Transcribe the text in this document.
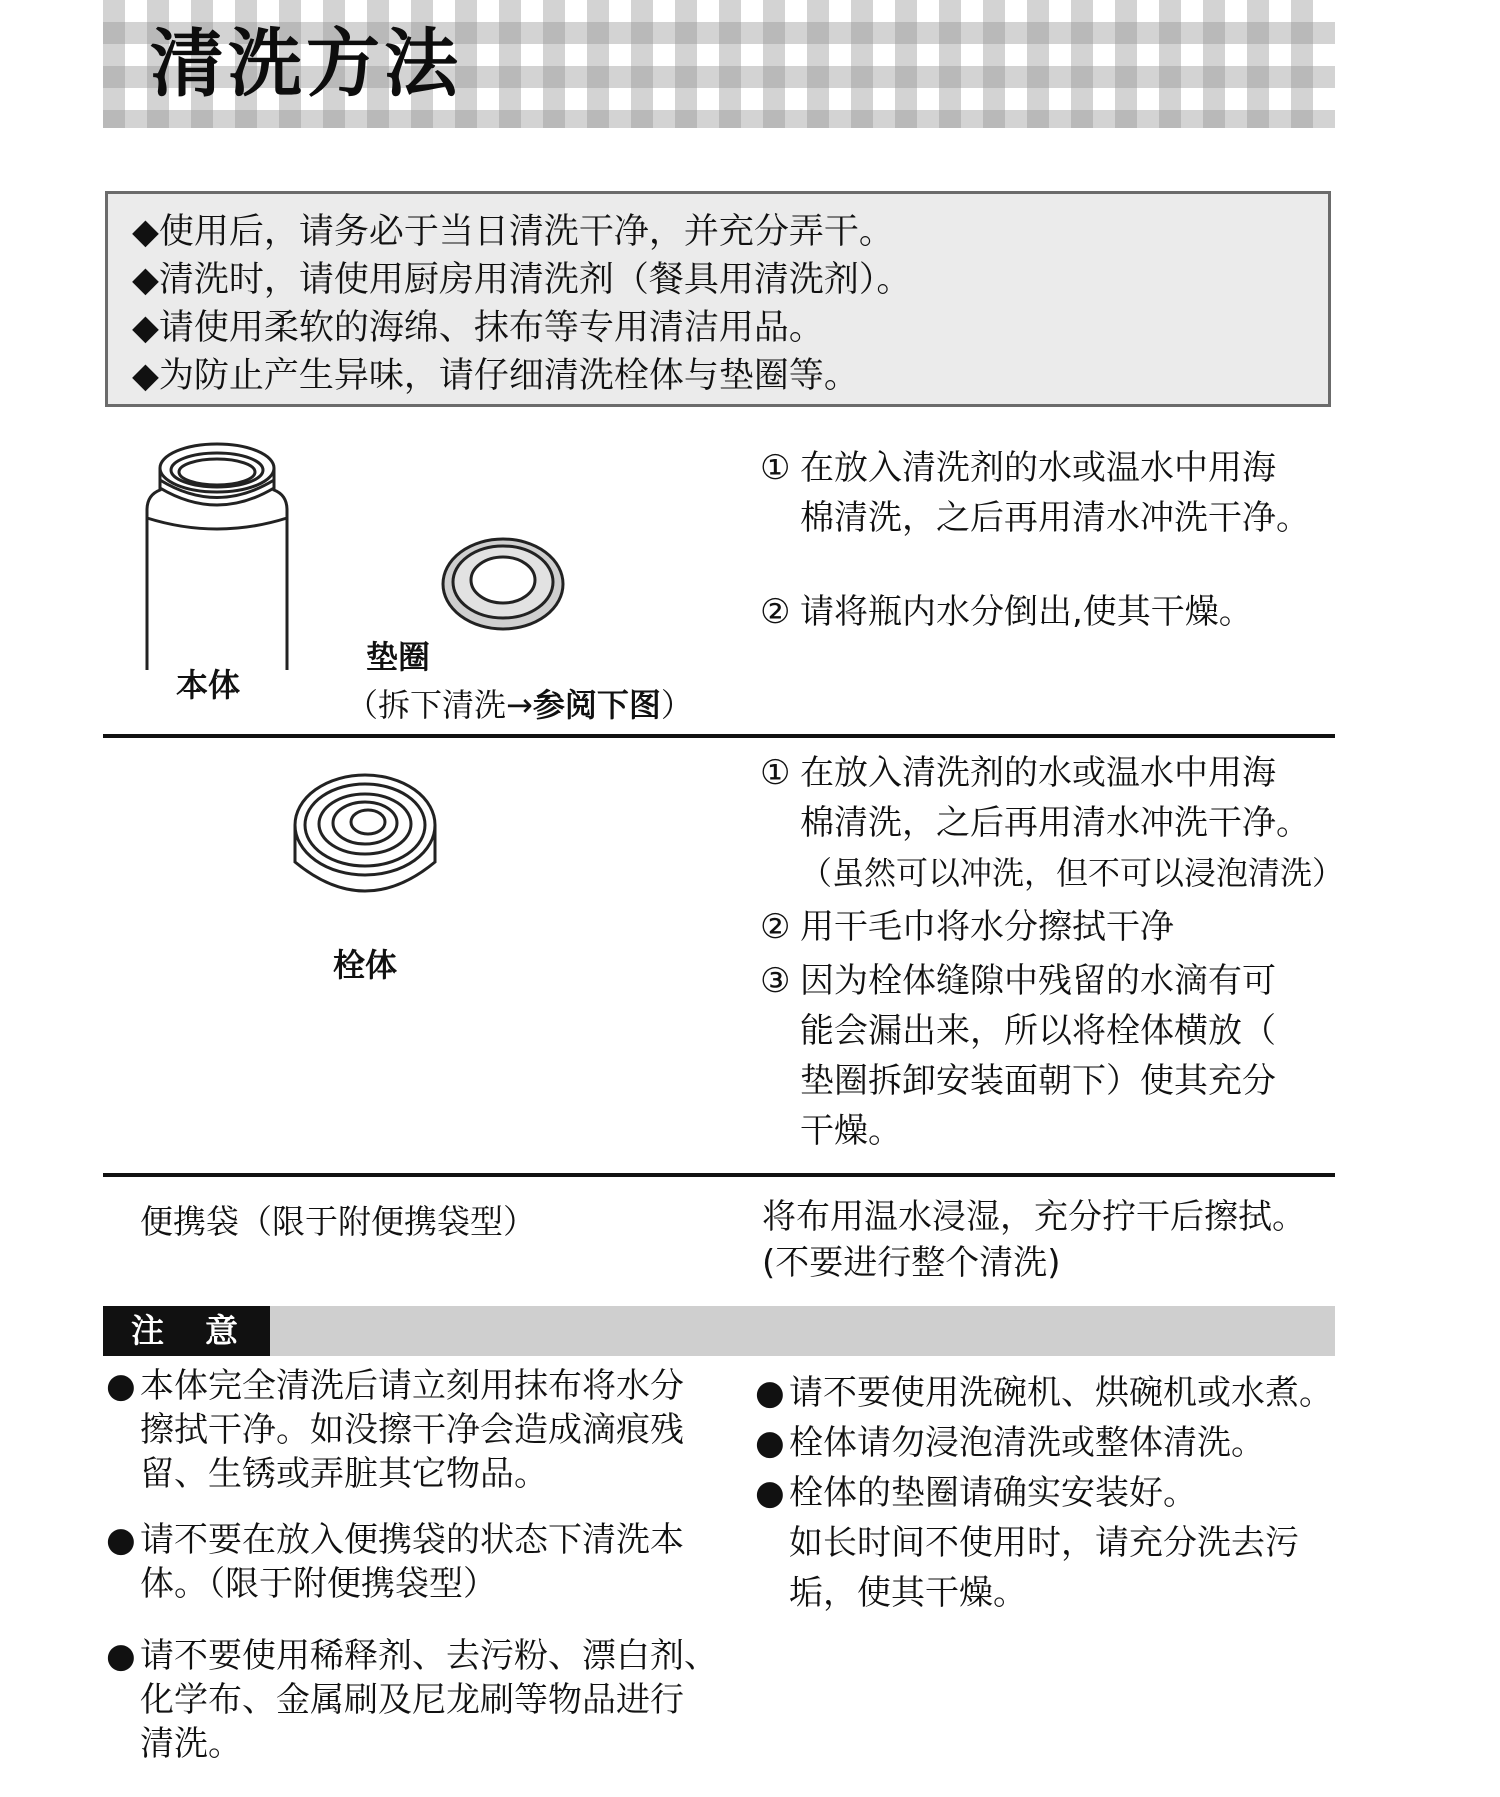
清洗方法
◆使用后，请务必于当日清洗干净，并充分弄干。
◆清洗时，请使用厨房用清洗剂（餐具用清洗剂）。
◆请使用柔软的海绵、抹布等专用清洁用品。
◆为防止产生异味，请仔细清洗栓体与垫圈等。
本体
垫圈
（拆下清洗→参阅下图）
① 在放入清洗剂的水或温水中用海
棉清洗，之后再用清水冲洗干净。
② 请将瓶内水分倒出,使其干燥。
栓体
① 在放入清洗剂的水或温水中用海
棉清洗，之后再用清水冲洗干净。
（虽然可以冲洗，但不可以浸泡清洗）
② 用干毛巾将水分擦拭干净
③ 因为栓体缝隙中残留的水滴有可
能会漏出来，所以将栓体横放（
垫圈拆卸安装面朝下）使其充分
干燥。
便携袋（限于附便携袋型）	将布用温水浸湿，充分拧干后擦拭。
(不要进行整个清洗)
注　意
● 本体完全清洗后请立刻用抹布将水分
擦拭干净。如没擦干净会造成滴痕残
留、生锈或弄脏其它物品。
● 请不要在放入便携袋的状态下清洗本
体。（限于附便携袋型）
● 请不要使用稀释剂、去污粉、漂白剂、
化学布、金属刷及尼龙刷等物品进行
清洗。
● 请不要使用洗碗机、烘碗机或水煮。
● 栓体请勿浸泡清洗或整体清洗。
● 栓体的垫圈请确实安装好。
如长时间不使用时，请充分洗去污
垢，使其干燥。
